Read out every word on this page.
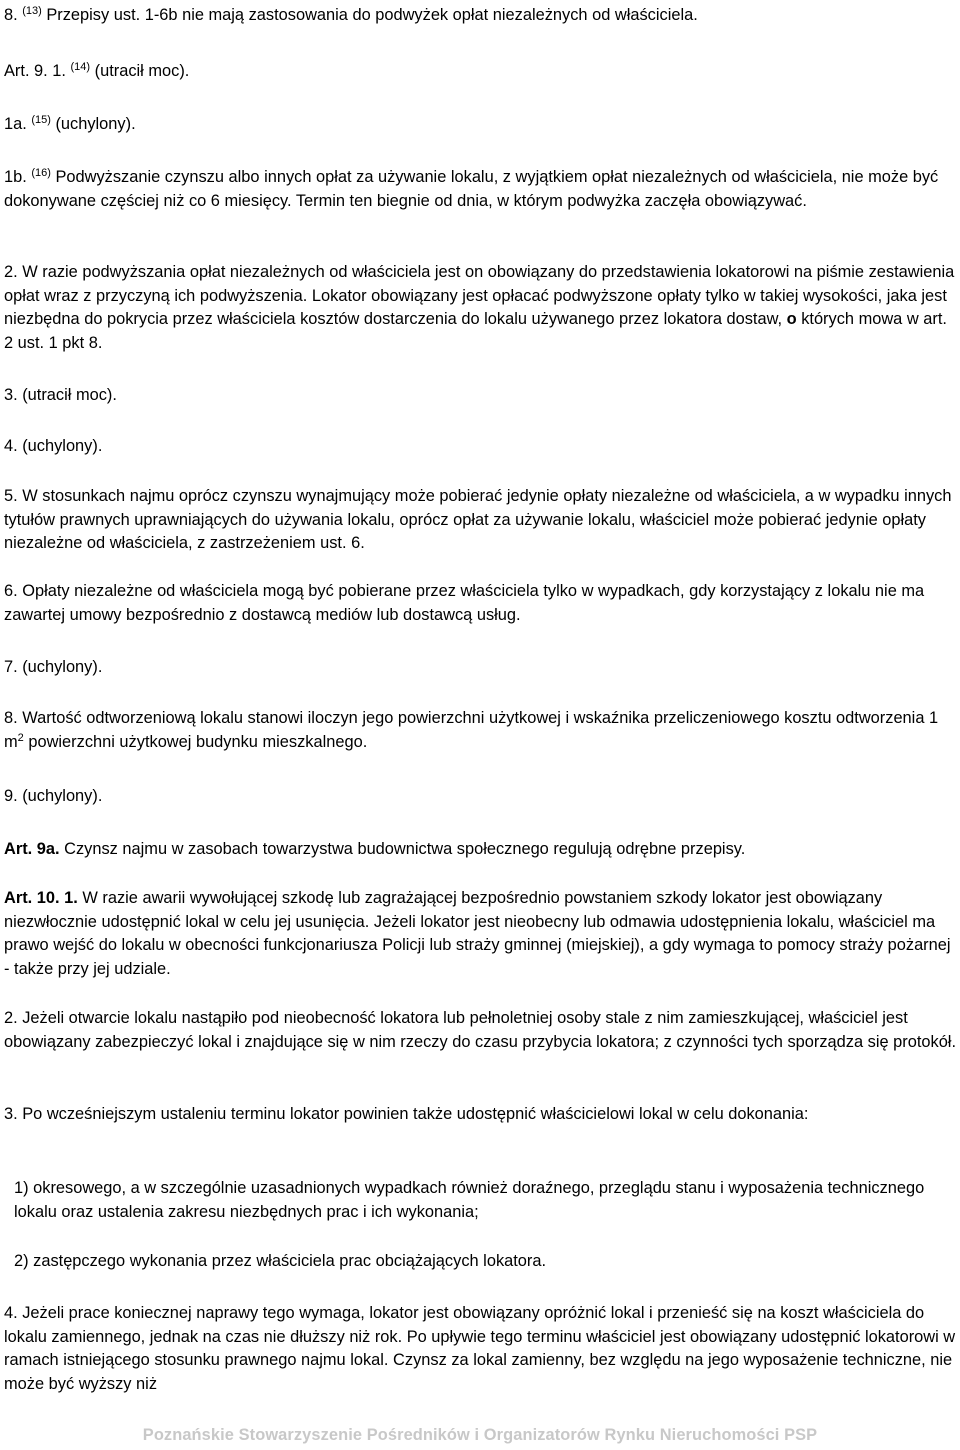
8. $^{(13)}$ Przepisy ust. 1-6b nie mają zastosowania do podwyżek opłat niezależnych od właściciela.

Art. 9. 1. $^{(14)}$ (utracił moc).

1a. $^{(15)}$ (uchylony).

1b. $^{(16)}$ Podwyższanie czynszu albo innych opłat za używanie lokalu, z wyjątkiem opłat niezależnych od właściciela, nie może być dokonywane częściej niż co 6 miesięcy. Termin ten biegnie od dnia, w którym podwyżka zaczęła obowiązywać.

2. W razie podwyższania opłat niezależnych od właściciela jest on obowiązany do przedstawienia lokatorowi na piśmie zestawienia opłat wraz z przyczyną ich podwyższenia. Lokator obowiązany jest opłacać podwyższone opłaty tylko w takiej wysokości, jaka jest niezbędna do pokrycia przez właściciela kosztów dostarczenia do lokalu używanego przez lokatora dostaw, o których mowa w art. 2 ust. 1 pkt 8.

3. (utracił moc).

4. (uchylony).

5. W stosunkach najmu oprócz czynszu wynajmujący może pobierać jedynie opłaty niezależne od właściciela, a w wypadku innych tytułów prawnych uprawniających do używania lokalu, oprócz opłat za używanie lokalu, właściciel może pobierać jedynie opłaty niezależne od właściciela, z zastrzeżeniem ust. 6.

6. Opłaty niezależne od właściciela mogą być pobierane przez właściciela tylko w wypadkach, gdy korzystający z lokalu nie ma zawartej umowy bezpośrednio z dostawcą mediów lub dostawcą usług.

7. (uchylony).

8. Wartość odtworzeniową lokalu stanowi iloczyn jego powierzchni użytkowej i wskaźnika przeliczeniowego kosztu odtworzenia 1 $m^2$ powierzchni użytkowej budynku mieszkalnego.

9. (uchylony).

Art. 9a. Czynsz najmu w zasobach towarzystwa budownictwa społecznego regulują odrębne przepisy.

Art. 10. 1. W razie awarii wywołującej szkodę lub zagrażającej bezpośrednio powstaniem szkody lokator jest obowiązany niezwłocznie udostępnić lokal w celu jej usunięcia. Jeżeli lokator jest nieobecny lub odmawia udostępnienia lokalu, właściciel ma prawo wejść do lokalu w obecności funkcjonariusza Policji lub straży gminnej (miejskiej), a gdy wymaga to pomocy straży pożarnej - także przy jej udziale.

2. Jeżeli otwarcie lokalu nastąpiło pod nieobecność lokatora lub pełnoletniej osoby stale z nim zamieszkującej, właściciel jest obowiązany zabezpieczyć lokal i znajdujące się w nim rzeczy do czasu przybycia lokatora; z czynności tych sporządza się protokół.

3. Po wcześniejszym ustaleniu terminu lokator powinien także udostępnić właścicielowi lokal w celu dokonania:

1) okresowego, a w szczególnie uzasadnionych wypadkach również doraźnego, przeglądu stanu i wyposażenia technicznego lokalu oraz ustalenia zakresu niezbędnych prac i ich wykonania;

2) zastępczego wykonania przez właściciela prac obciążających lokatora.

4. Jeżeli prace koniecznej naprawy tego wymaga, lokator jest obowiązany opróżnić lokal i przenieść się na koszt właściciela do lokalu zamiennego, jednak na czas nie dłuższy niż rok. Po upływie tego terminu właściciel jest obowiązany udostępnić lokatorowi w ramach istniejącego stosunku prawnego najmu lokal. Czynsz za lokal zamienny, bez względu na jego wyposażenie techniczne, nie może być wyższy niż

Poznańskie Stowarzyszenie Pośredników i Organizatorów Rynku Nieruchomości PSP
